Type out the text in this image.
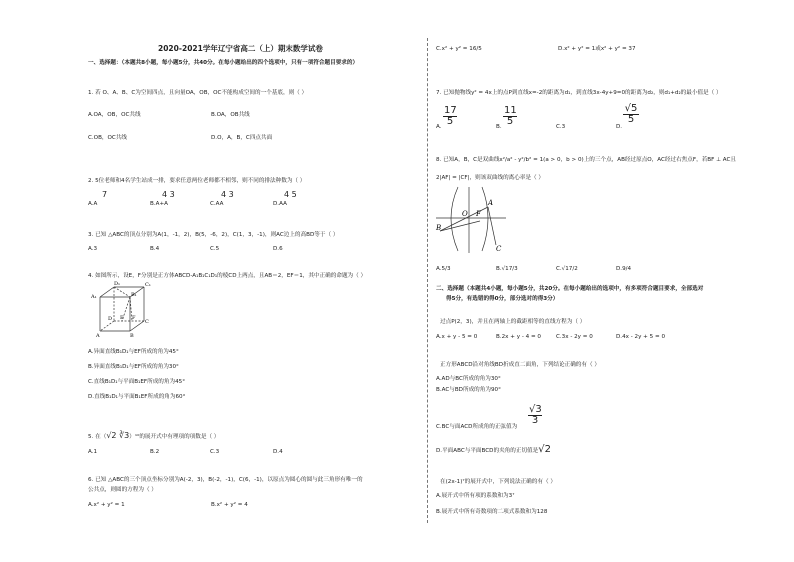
2020-2021学年辽宁省高二（上）期末数学试卷
一、选择题：（本题共8小题，每小题5分，共40分。在每小题给出的四个选项中，只有一项符合题目要求的）
1. 若 O、A、B、C为空间四点，且向量OA，OB，OC不能构成空间的一个基底，则（ ）
A.OA，OB，OC共线	B.OA，OB共线
C.OB，OC共线	D.O，A，B，C四点共面
2. 5位老师和4名学生站成一排，要求任意两位老师都不相邻，则不同的排法种数为（ ）
A.A
7
B.A+A
4 3
C.AA
4 3
D.AA
4 5
3. 已知 △ABC的顶点分别为A(1，-1，2)，B(5，-6，2)，C(1，3，-1)，则AC边上的高BD等于（ ）
A.3	B.4	C.5	D.6
4. 如图所示，设E，F分别是正方体ABCD-A₁B₁C₁D₁的棱CD上两点，且AB＝2，EF＝1，其中正确的命题为（ ）
D₁	C₁
A₁	B₁
D	C
A	B
E F
A.异面直线B₁D₁与EF所成的角为45°
B.异面直线B₁D₁与EF所成的角为30°
C.直线B₁D₁与平面B₁EF所成的角为45°
D.直线B₁D₁与平面B₁EF所成的角为60°
5. 在（√2 ∛3）¹⁰的展开式中有理项的项数是（ ）
A.1	B.2	C.3	D.4
6. 已知 △ABC的三个顶点坐标分别为A(-2，3)，B(-2，-1)，C(6，-1)，以原点为圆心的圆与此三角形有唯一的
公共点，则圆的方程为（ ）
A.x² + y² = 1	B.x² + y² = 4
C.x² + y² = 16/5	D.x² + y² = 1或x² + y² = 37
7. 已知抛物线y² = 4x上的点P到直线x=-2的距离为d₁，到直线3x-4y+9=0的距离为d₂，则d₁+d₂的最小值是（ ）
A. $\frac{17}{5}$	B. $\frac{11}{5}$	C.3	D.
$\frac{√5}{5}$
8. 已知A，B，C是双曲线x²/a² - y²/b² = 1(a > 0，b > 0)上的三个点，AB经过原点O，AC经过右焦点F，若BF ⊥ AC且
2|AF| = |CF|，则该双曲线的离心率是（ ）
A
B
O F
C
A.5/3	B.√17/3	C.√17/2	D.9/4
二、选择题（本题共4小题，每小题5分，共20分。在每小题给出的选项中，有多项符合题目要求，全部选对
得5分，有选错的得0分，部分选对的得3分）
过点P(2，3)，并且在两轴上的截距相等的直线方程为（ ）
A.x + y - 5 = 0	B.2x + y - 4 = 0	C.3x - 2y = 0	D.4x - 2y + 5 = 0
正方形ABCD沿对角线BD折成直二面角，下列结论正确的有（ ）
A.AD与BC所成的角为30°
B.AC与BD所成的角为90°
C.BC与面ACD所成角的正弦值为
$\frac{√3}{3}$
D.平面ABC与平面BCD的夹角的正切值是√2
在(2x-1)⁷的展开式中，下列说法正确的有（ ）
A.展开式中所有项的系数和为3⁷
B.展开式中所有奇数项的二项式系数和为128
